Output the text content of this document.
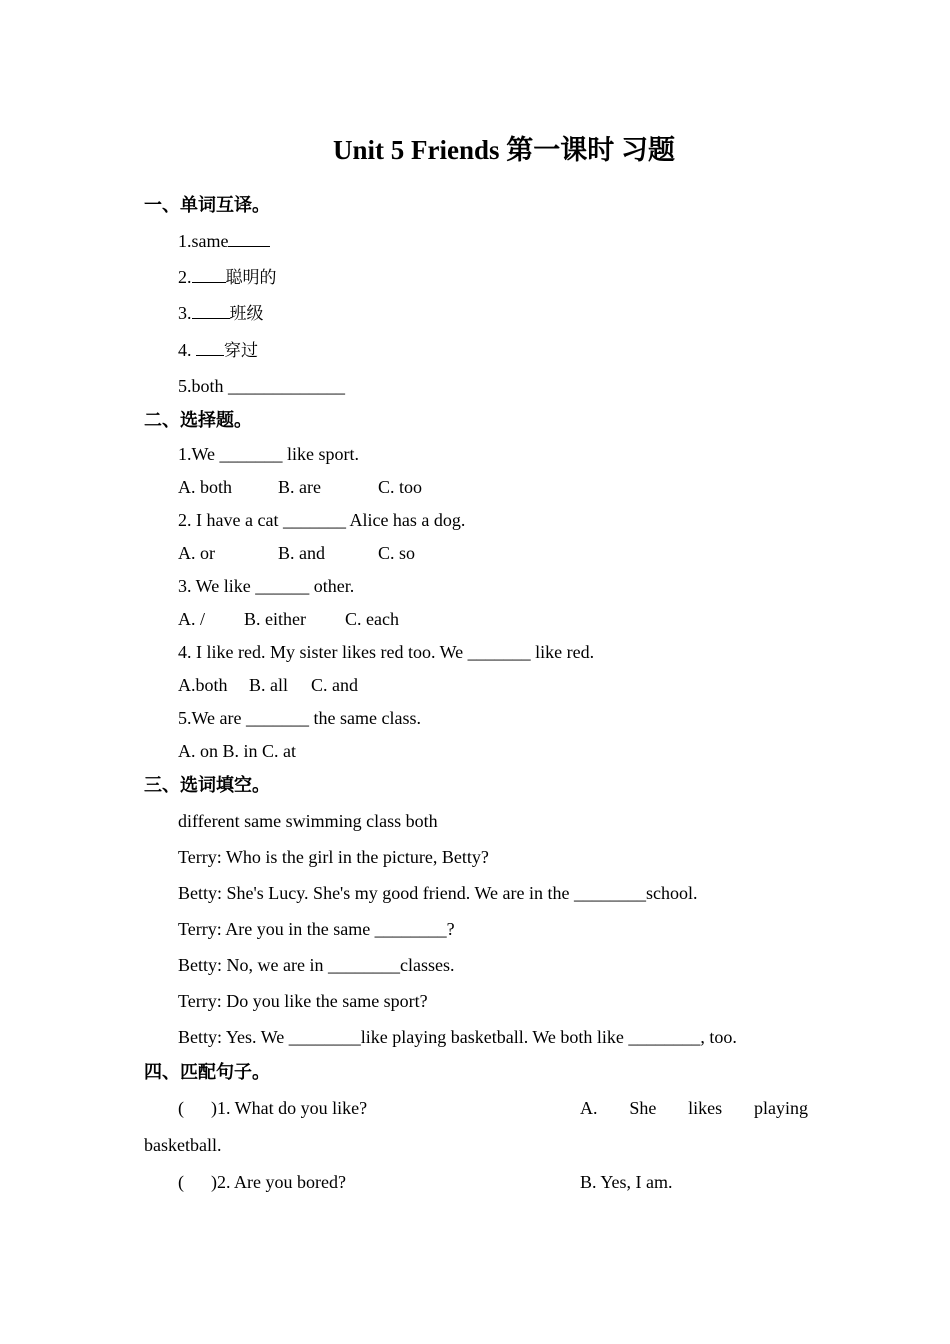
Unit 5 Friends 第一课时 习题
一、单词互译。
1.same
2. 聪明的
3. 班级
4. 穿过
5.both _____________
二、选择题。
1.We _______ like sport.
A. both	B. are	C. too
2. I have a cat _______ Alice has a dog.
A. or	B. and	C. so
3. We like ______ other.
A. / B. either C. each
4. I like red. My sister likes red too. We _______ like red.
A.both B. all C. and
5.We are _______ the same class.
A. on B. in C. at
三、选词填空。
different same swimming class both
Terry: Who is the girl in the picture, Betty?
Betty: She's Lucy. She's my good friend. We are in the ________school.
Terry: Are you in the same ________?
Betty: No, we are in ________classes.
Terry: Do you like the same sport?
Betty: Yes. We ________like playing basketball. We both like ________, too.
四、匹配句子。
(      )1. What do you like?	A. She likes playing
basketball.
(      )2. Are you bored?	B. Yes, I am.
